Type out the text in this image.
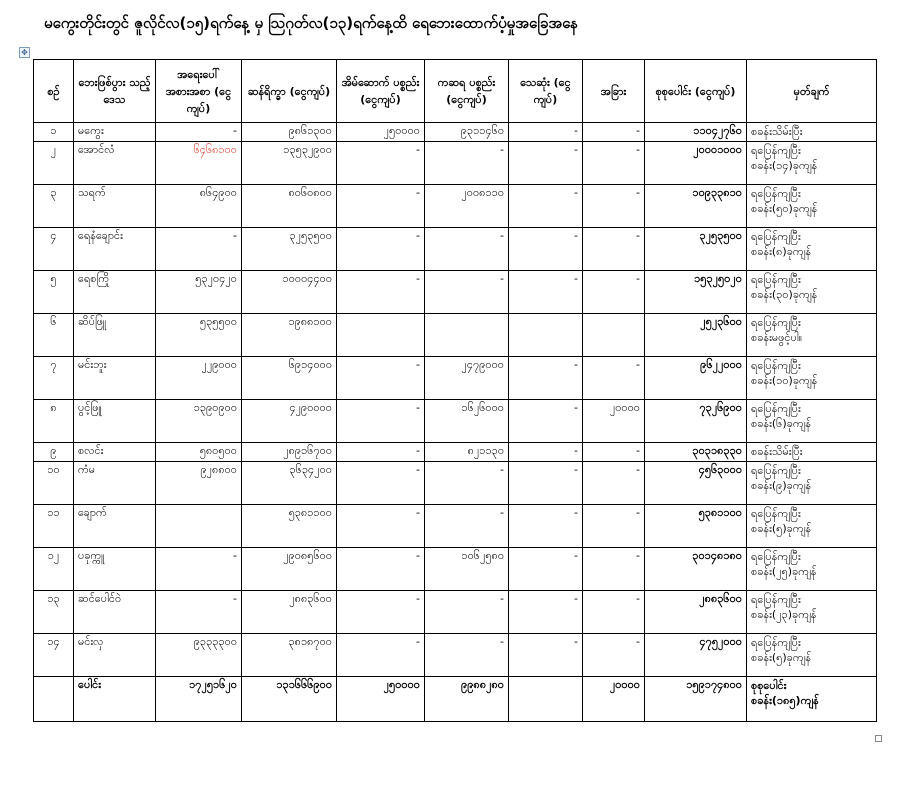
မကွေးတိုင်းတွင် ဇူလိုင်လ(၁၅)ရက်နေ့ မှ ဩဂုတ်လ(၁၃)ရက်နေ့ထိ ရေဘေးထောက်ပံ့မှုအခြေအနေ
✥
စဉ်	ဘေးဖြစ်ပွား သည့်ဒေသ	အရေးပေါ် အစားအစာ (ငွေကျပ်)	ဆန်ရိက္ခာ (ငွေကျပ်)	အိမ်ဆောက် ပစ္စည်း (ငွေကျပ်)	ကဆရ ပစ္စည်း (ငွေကျပ်)	သေဆုံး (ငွေကျပ်)	အခြား	စုစုပေါင်း (ငွေကျပ်)	မှတ်ချက်
၁	မကွေး	-	၉၈၆၁၃၀၀	၂၅၀၀၀၀	၉၃၁၁၄၆၀	-	-	၁၁၀၄၂၇၆၀	စခန်းသိမ်းပြီး

၂	အောင်လံ	၆၄၆၈၁၀၀	၁၃၅၃၂၉၀၀	-	-	-	-	၂၀၀၀၁၀၀၀	ရပြေန်ကျပြီး
စခန်း(၁၄)ခုကျန်

၃	သရက်	၈၆၄၉၀၀	၈၀၆၀၈၀၀	-	၂၀၀၈၁၁၀	-	-	၁၀၉၃၃၈၁၀	ရပြေန်ကျပြီး
စခန်း(၅၀)ခုကျန်

၄	ရေနံချောင်း	-	၃၂၅၃၅၀၀	-	-	-	-	၃၂၅၃၅၀၀	ရပြေန်ကျပြီး
စခန်း(၈)ခုကျန်

၅	ရေစကြို	၅၃၂၀၄၂၀	၁၀၀၀၄၄၀၀	-	-	-	-	၁၅၃၂၅၀၂၀	ရပြေန်ကျပြီး
စခန်း(၃၀)ခုကျန်

၆	ဆိပ်ဖြူ	၅၃၅၅၀၀	၁၉၈၈၁၀၀					၂၅၂၃၆၀၀	ရပြေန်ကျပြီး
စခန်းမဖွင့်ပါ။

၇	မင်းဘူး	၂၂၉၀၀၀	၆၉၁၄၀၀၀	-	၂၄၇၉၀၀၀	-	-	၉၆၂၂၀၀၀	ရပြေန်ကျပြီး
စခန်း(၁၀)ခုကျန်

၈	ပွင့်ဖြူ	၁၃၉၀၉၀၀	၄၂၉၀၀၀၀	-	၁၆၂၆၀၀၀	-	၂၀၀၀၀	၇၃၂၆၉၀၀	ရပြေန်ကျပြီး
စခန်း(၆)ခုကျန်

၉	စလင်း	၅၈၀၅၀၀	၂၈၉၁၆၇၀၀	-	၈၂၁၁၃၀	-	-	၃၀၃၁၈၃၃၀	စခန်းသိမ်းပြီး

၁၀	ကံမ	၉၂၈၈၀၀	၃၆၃၄၂၀၀	-	-	-	-	၄၅၆၃၀၀၀	ရပြေန်ကျပြီး
စခန်း(၉)ခုကျန်

၁၁	ချောက်		၅၃၈၁၁၀၀	-	-	-	-	၅၃၈၁၁၀၀	ရပြေန်ကျပြီး
စခန်း(၅)ခုကျန်

၁၂	ပခုက္ကူ	-	၂၉၀၈၅၆၀၀	-	၁၀၆၂၅၈၀	-	-	၃၀၁၄၈၁၈၀	ရပြေန်ကျပြီး
စခန်း(၂၅)ခုကျန်

၁၃	ဆင်ပေါင်ဝဲ	-	၂၈၈၃၆၀၀	-	-	-	-	၂၈၈၃၆၀၀	ရပြေန်ကျပြီး
စခန်း(၂၃)ခုကျန်

၁၄	မင်းလှ	၉၃၃၃၃၀၀	၃၈၁၈၇၀၀	-	-	-	-	၄၇၅၂၀၀၀	ရပြေန်ကျပြီး
စခန်း(၅)ခုကျန်

	ပေါင်း	၁၇၂၅၁၆၂၀	၁၃၁၆၆၆၉၀၀	၂၅၀၀၀၀	၉၉၈၈၂၈၀		၂၀၀၀၀	၁၅၉၁၇၄၈၀၀	စုစုပေါင်း
စခန်း(၁၈၅)ကျန်
